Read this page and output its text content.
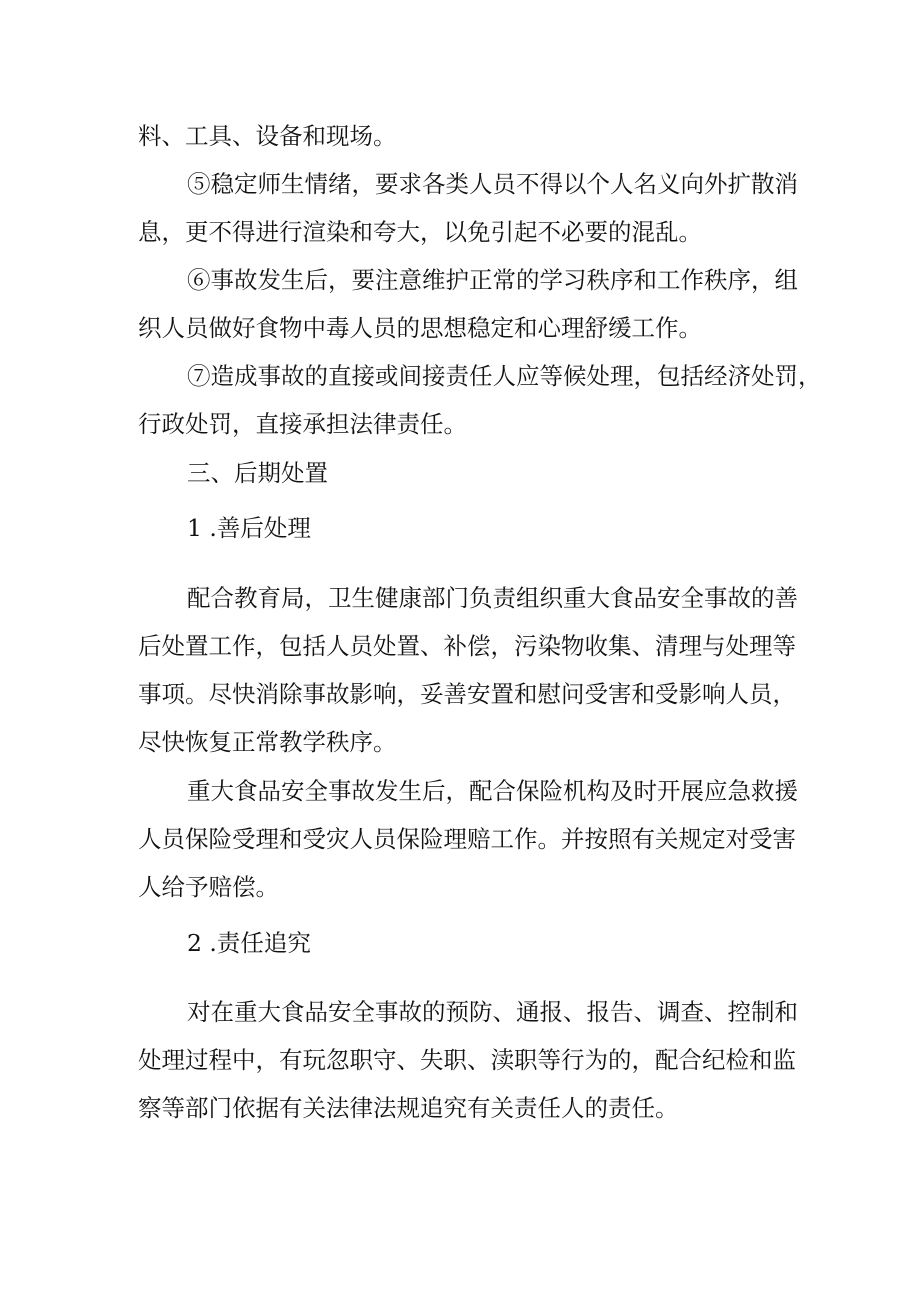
料、工具、设备和现场。
⑤稳定师生情绪，要求各类人员不得以个人名义向外扩散消
息，更不得进行渲染和夸大，以免引起不必要的混乱。
⑥事故发生后，要注意维护正常的学习秩序和工作秩序，组
织人员做好食物中毒人员的思想稳定和心理舒缓工作。
⑦造成事故的直接或间接责任人应等候处理，包括经济处罚，
行政处罚，直接承担法律责任。
三、后期处置
1 .善后处理
配合教育局，卫生健康部门负责组织重大食品安全事故的善
后处置工作，包括人员处置、补偿，污染物收集、清理与处理等
事项。尽快消除事故影响，妥善安置和慰问受害和受影响人员，
尽快恢复正常教学秩序。
重大食品安全事故发生后，配合保险机构及时开展应急救援
人员保险受理和受灾人员保险理赔工作。并按照有关规定对受害
人给予赔偿。
2 .责任追究
对在重大食品安全事故的预防、通报、报告、调查、控制和
处理过程中，有玩忽职守、失职、渎职等行为的，配合纪检和监
察等部门依据有关法律法规追究有关责任人的责任。
